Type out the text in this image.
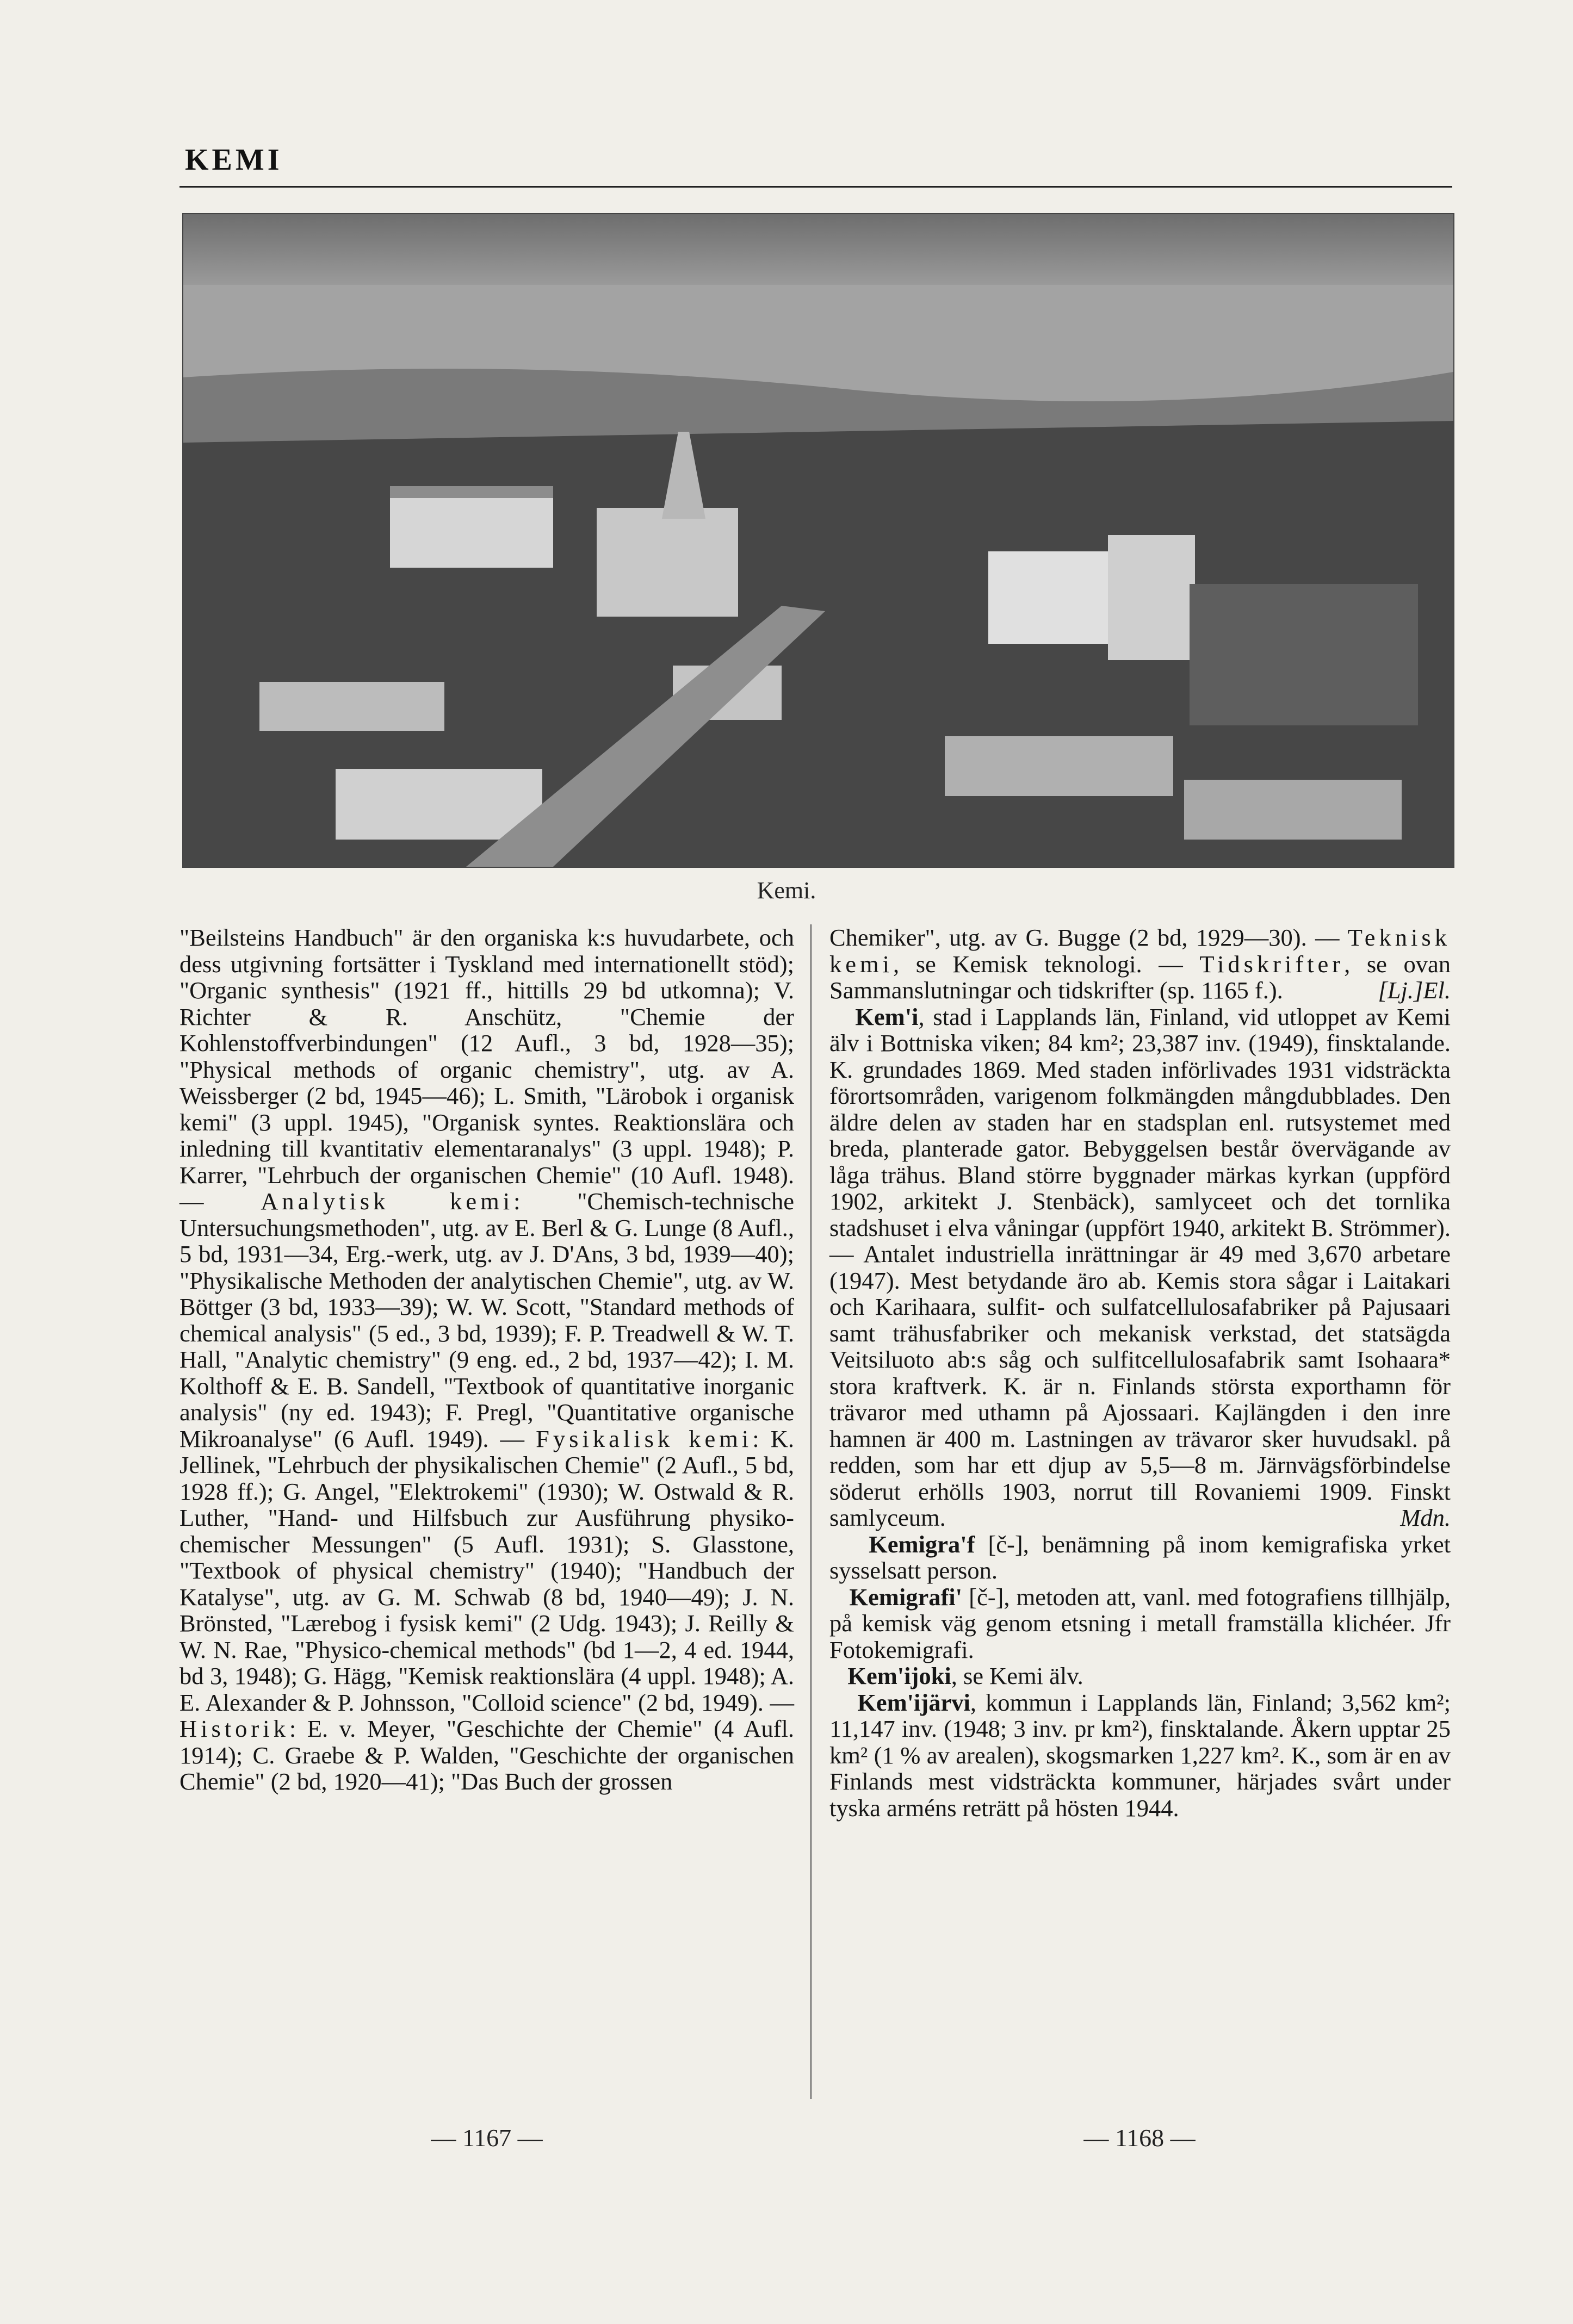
KEMI
Kemi.

"Beilsteins Handbuch" är den organiska k:s huvudarbete, och dess utgivning fortsätter i Tyskland med internationellt stöd); "Organic synthesis" (1921 ff., hittills 29 bd utkomna); V. Richter & R. Anschütz, "Chemie der Kohlenstoffverbindungen" (12 Aufl., 3 bd, 1928—35); "Physical methods of organic chemistry", utg. av A. Weissberger (2 bd, 1945—46); L. Smith, "Lärobok i organisk kemi" (3 uppl. 1945), "Organisk syntes. Reaktionslära och inledning till kvantitativ elementaranalys" (3 uppl. 1948); P. Karrer, "Lehrbuch der organischen Chemie" (10 Aufl. 1948). — Analytisk kemi: "Chemisch-technische Untersuchungsmethoden", utg. av E. Berl & G. Lunge (8 Aufl., 5 bd, 1931—34, Erg.-werk, utg. av J. D'Ans, 3 bd, 1939—40); "Physikalische Methoden der analytischen Chemie", utg. av W. Böttger (3 bd, 1933—39); W. W. Scott, "Standard methods of chemical analysis" (5 ed., 3 bd, 1939); F. P. Treadwell & W. T. Hall, "Analytic chemistry" (9 eng. ed., 2 bd, 1937—42); I. M. Kolthoff & E. B. Sandell, "Textbook of quantitative inorganic analysis" (ny ed. 1943); F. Pregl, "Quantitative organische Mikroanalyse" (6 Aufl. 1949). — Fysikalisk kemi: K. Jellinek, "Lehrbuch der physikalischen Chemie" (2 Aufl., 5 bd, 1928 ff.); G. Angel, "Elektrokemi" (1930); W. Ostwald & R. Luther, "Hand- und Hilfsbuch zur Ausführung physiko-chemischer Messungen" (5 Aufl. 1931); S. Glasstone, "Textbook of physical chemistry" (1940); "Handbuch der Katalyse", utg. av G. M. Schwab (8 bd, 1940—49); J. N. Brönsted, "Lærebog i fysisk kemi" (2 Udg. 1943); J. Reilly & W. N. Rae, "Physico-chemical methods" (bd 1—2, 4 ed. 1944, bd 3, 1948); G. Hägg, "Kemisk reaktionslära (4 uppl. 1948); A. E. Alexander & P. Johnsson, "Colloid science" (2 bd, 1949). — Historik: E. v. Meyer, "Geschichte der Chemie" (4 Aufl. 1914); C. Graebe & P. Walden, "Geschichte der organischen Chemie" (2 bd, 1920—41); "Das Buch der grossen

Chemiker", utg. av G. Bugge (2 bd, 1929—30). — Teknisk kemi, se Kemisk teknologi. — Tidskrifter, se ovan Sammanslutningar och tidskrifter (sp. 1165 f.).	[Lj.]El.

Kem'i, stad i Lapplands län, Finland, vid utloppet av Kemi älv i Bottniska viken; 84 km²; 23,387 inv. (1949), finsktalande. K. grundades 1869. Med staden införlivades 1931 vidsträckta förortsområden, varigenom folkmängden mångdubblades. Den äldre delen av staden har en stadsplan enl. rutsystemet med breda, planterade gator. Bebyggelsen består övervägande av låga trähus. Bland större byggnader märkas kyrkan (uppförd 1902, arkitekt J. Stenbäck), samlyceet och det tornlika stadshuset i elva våningar (uppfört 1940, arkitekt B. Strömmer). — Antalet industriella inrättningar är 49 med 3,670 arbetare (1947). Mest betydande äro ab. Kemis stora sågar i Laitakari och Karihaara, sulfit- och sulfatcellulosafabriker på Pajusaari samt trähusfabriker och mekanisk verkstad, det statsägda Veitsiluoto ab:s såg och sulfitcellulosafabrik samt Isohaara* stora kraftverk. K. är n. Finlands största exporthamn för trävaror med uthamn på Ajossaari. Kajlängden i den inre hamnen är 400 m. Lastningen av trävaror sker huvudsakl. på redden, som har ett djup av 5,5—8 m. Järnvägsförbindelse söderut erhölls 1903, norrut till Rovaniemi 1909. Finskt samlyceum.	Mdn.

Kemigra'f [č-], benämning på inom kemigrafiska yrket sysselsatt person.

Kemigrafi' [č-], metoden att, vanl. med fotografiens tillhjälp, på kemisk väg genom etsning i metall framställa klichéer. Jfr Fotokemigrafi.

Kem'ijoki, se Kemi älv.

Kem'ijärvi, kommun i Lapplands län, Finland; 3,562 km²; 11,147 inv. (1948; 3 inv. pr km²), finsktalande. Åkern upptar 25 km² (1 % av arealen), skogsmarken 1,227 km². K., som är en av Finlands mest vidsträckta kommuner, härjades svårt under tyska arméns reträtt på hösten 1944.

— 1167 —	— 1168 —
